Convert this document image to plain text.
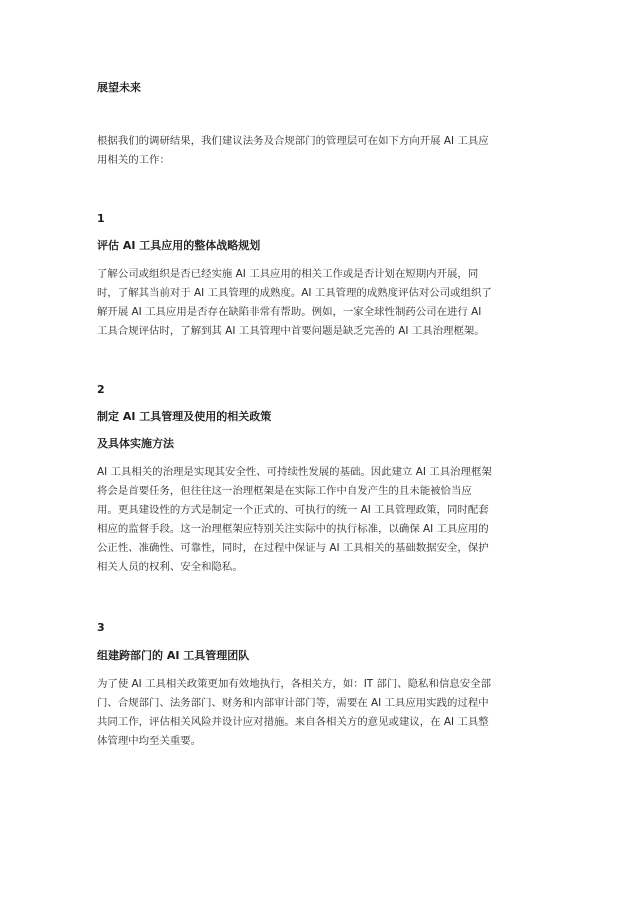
展望未来
根据我们的调研结果，我们建议法务及合规部门的管理层可在如下方向开展 AI 工具应
用相关的工作：
1
评估 AI 工具应用的整体战略规划
了解公司或组织是否已经实施 AI 工具应用的相关工作或是否计划在短期内开展，同
时，了解其当前对于 AI 工具管理的成熟度。AI 工具管理的成熟度评估对公司或组织了
解开展 AI 工具应用是否存在缺陷非常有帮助。例如，一家全球性制药公司在进行 AI
工具合规评估时，了解到其 AI 工具管理中首要问题是缺乏完善的 AI 工具治理框架。
2
制定 AI 工具管理及使用的相关政策
及具体实施方法
AI 工具相关的治理是实现其安全性、可持续性发展的基础。因此建立 AI 工具治理框架
将会是首要任务，但往往这一治理框架是在实际工作中自发产生的且未能被恰当应
用。更具建设性的方式是制定一个正式的、可执行的统一 AI 工具管理政策，同时配套
相应的监督手段。这一治理框架应特别关注实际中的执行标准，以确保 AI 工具应用的
公正性、准确性、可靠性，同时，在过程中保证与 AI 工具相关的基础数据安全，保护
相关人员的权利、安全和隐私。
3
组建跨部门的 AI 工具管理团队
为了使 AI 工具相关政策更加有效地执行，各相关方，如：IT 部门、隐私和信息安全部
门、合规部门、法务部门、财务和内部审计部门等，需要在 AI 工具应用实践的过程中
共同工作，评估相关风险并设计应对措施。来自各相关方的意见或建议，在 AI 工具整
体管理中均至关重要。
